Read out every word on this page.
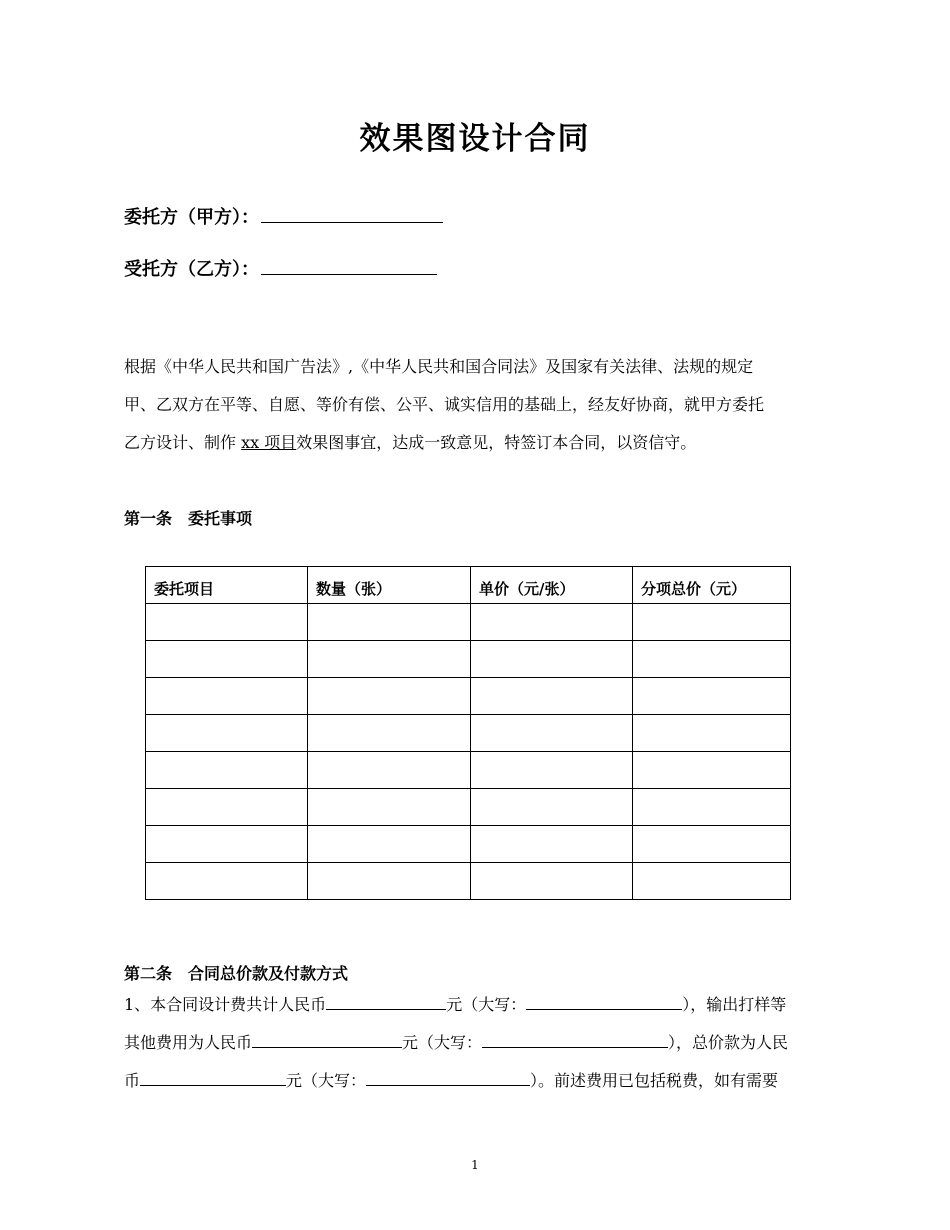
效果图设计合同
委托方（甲方）：
受托方（乙方）：
根据《中华人民共和国广告法》,《中华人民共和国合同法》及国家有关法律、法规的规定
甲、乙双方在平等、自愿、等价有偿、公平、诚实信用的基础上，经友好协商，就甲方委托
乙方设计、制作 xx 项目效果图事宜，达成一致意见，特签订本合同，以资信守。
第一条　委托事项
委托项目	数量（张）	单价（元/张）	分项总价（元）

第二条　合同总价款及付款方式
1、本合同设计费共计人民币	元（大写：	），输出打样等
其他费用为人民币	元（大写：	），总价款为人民
币	元（大写：	）。前述费用已包括税费，如有需要
1
